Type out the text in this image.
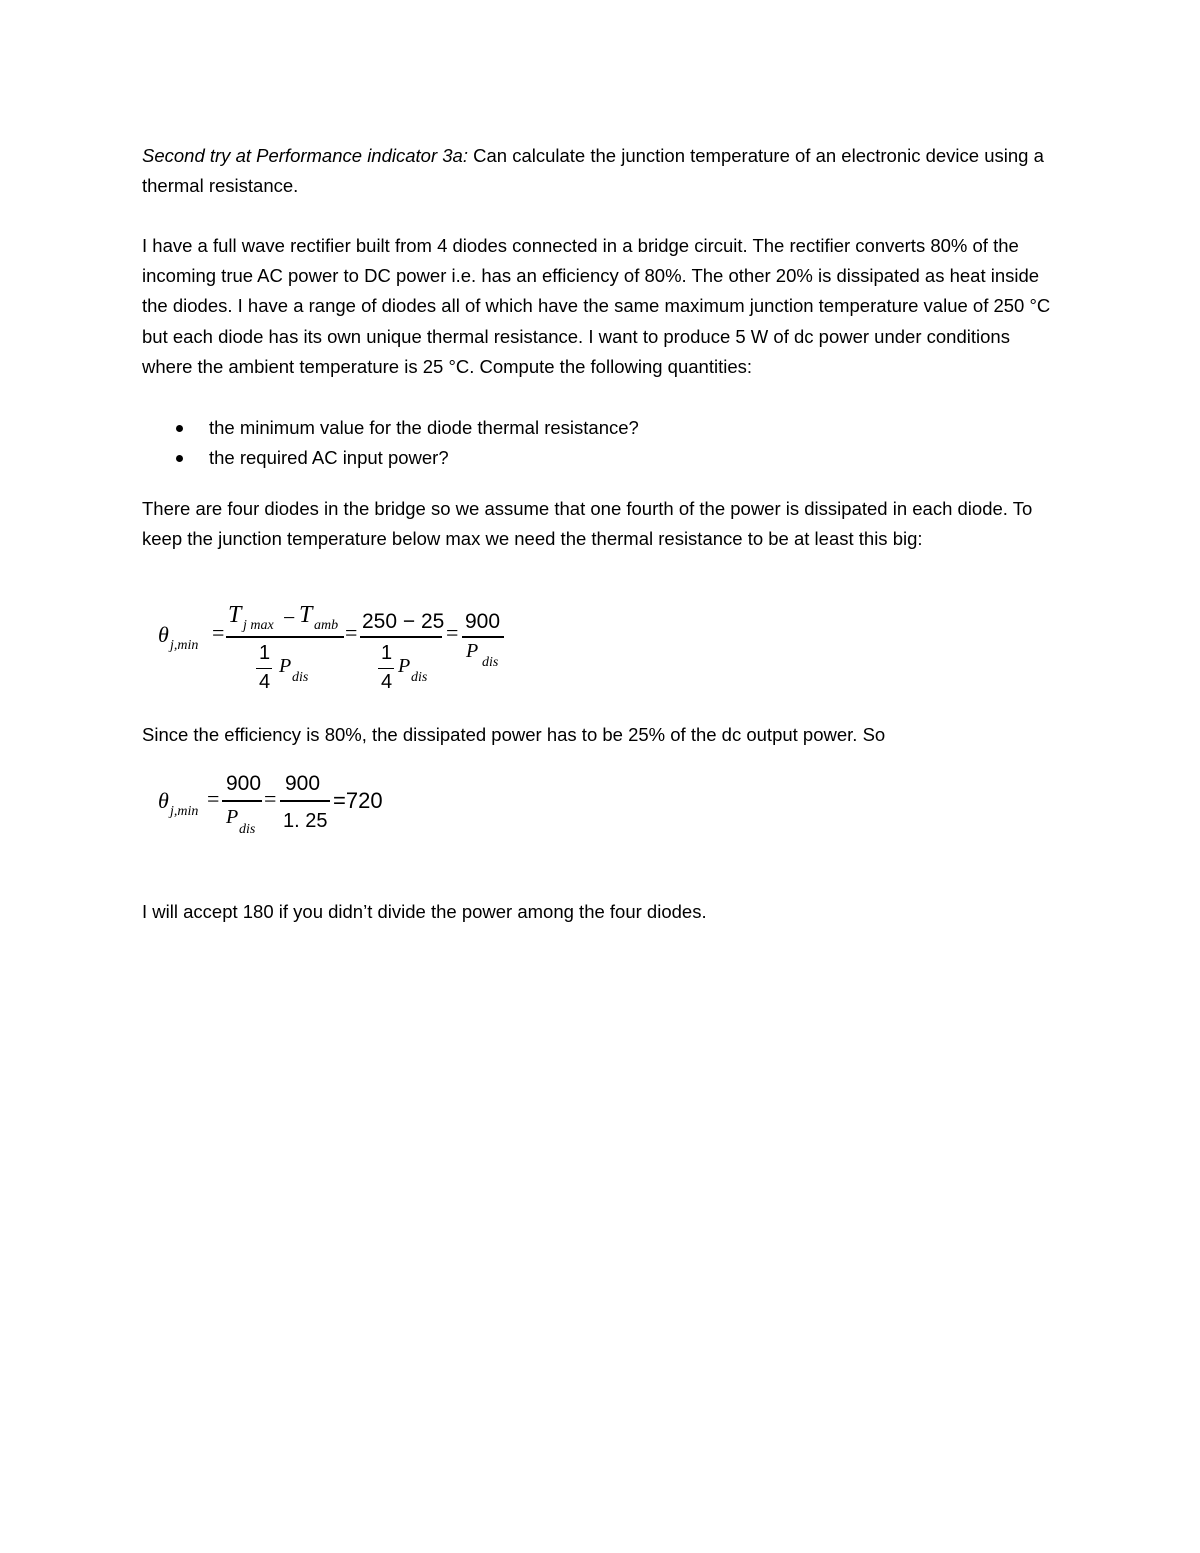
Second try at Performance indicator 3a: Can calculate the junction temperature of an electronic device using a thermal resistance.
I have a full wave rectifier built from 4 diodes connected in a bridge circuit. The rectifier converts 80% of the incoming true AC power to DC power i.e. has an efficiency of 80%. The other 20% is dissipated as heat inside the diodes. I have a range of diodes all of which have the same maximum junction temperature value of 250 °C but each diode has its own unique thermal resistance. I want to produce 5 W of dc power under conditions where the ambient temperature is 25 °C. Compute the following quantities:
the minimum value for the diode thermal resistance?
the required AC input power?
There are four diodes in the bridge so we assume that one fourth of the power is dissipated in each diode. To keep the junction temperature below max we need the thermal resistance to be at least this big:
θ j,min
=
T j max − T amb
1
4
P
dis
= 250 − 25
1
4
P
dis
= 900
P
dis
Since the efficiency is 80%, the dissipated power has to be 25% of the dc output power. So
θ j,min
=
900
P
dis
=
900
1. 25
=720
I will accept 180 if you didn’t divide the power among the four diodes.
